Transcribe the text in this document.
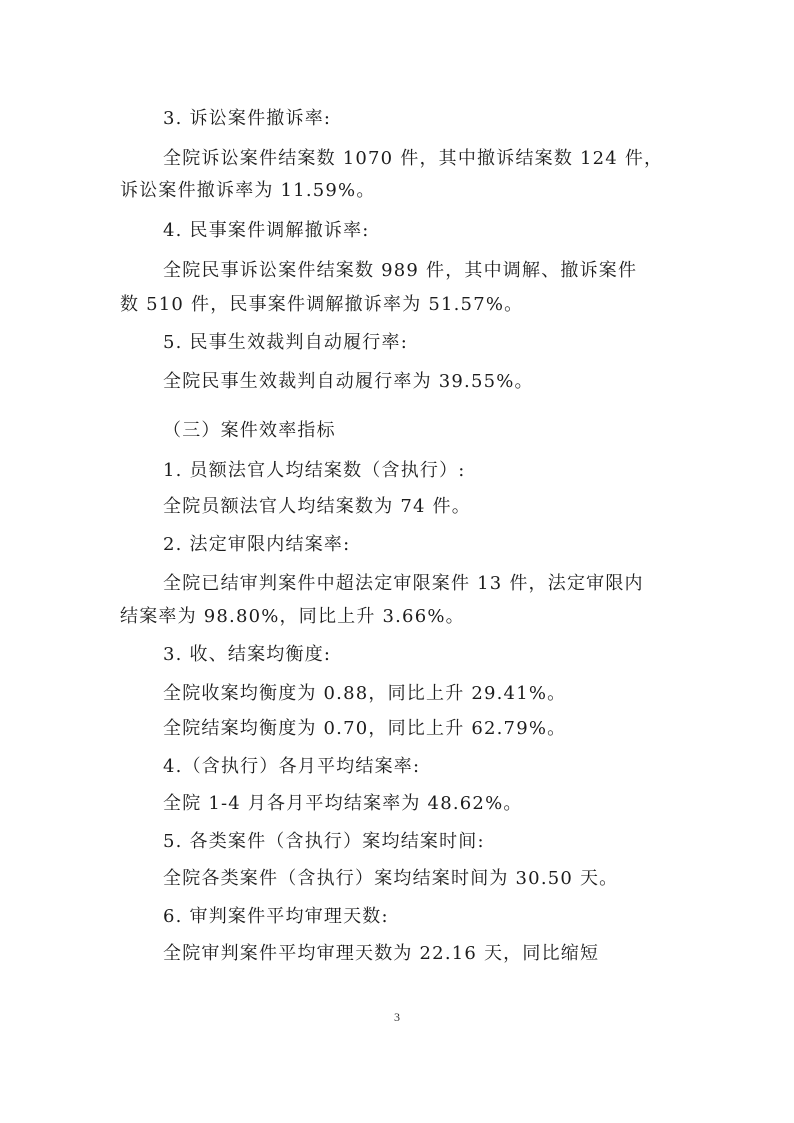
3. 诉讼案件撤诉率:
全院诉讼案件结案数 1070 件，其中撤诉结案数 124 件，
诉讼案件撤诉率为 11.59%。
4. 民事案件调解撤诉率:
全院民事诉讼案件结案数 989 件，其中调解、撤诉案件
数 510 件，民事案件调解撤诉率为 51.57%。
5. 民事生效裁判自动履行率:
全院民事生效裁判自动履行率为 39.55%。
（三）案件效率指标
1. 员额法官人均结案数（含执行）:
全院员额法官人均结案数为 74 件。
2. 法定审限内结案率:
全院已结审判案件中超法定审限案件 13 件，法定审限内
结案率为 98.80%，同比上升 3.66%。
3. 收、结案均衡度:
全院收案均衡度为 0.88，同比上升 29.41%。
全院结案均衡度为 0.70，同比上升 62.79%。
4.（含执行）各月平均结案率:
全院 1-4 月各月平均结案率为 48.62%。
5. 各类案件（含执行）案均结案时间:
全院各类案件（含执行）案均结案时间为 30.50 天。
6. 审判案件平均审理天数:
全院审判案件平均审理天数为 22.16 天，同比缩短
3
